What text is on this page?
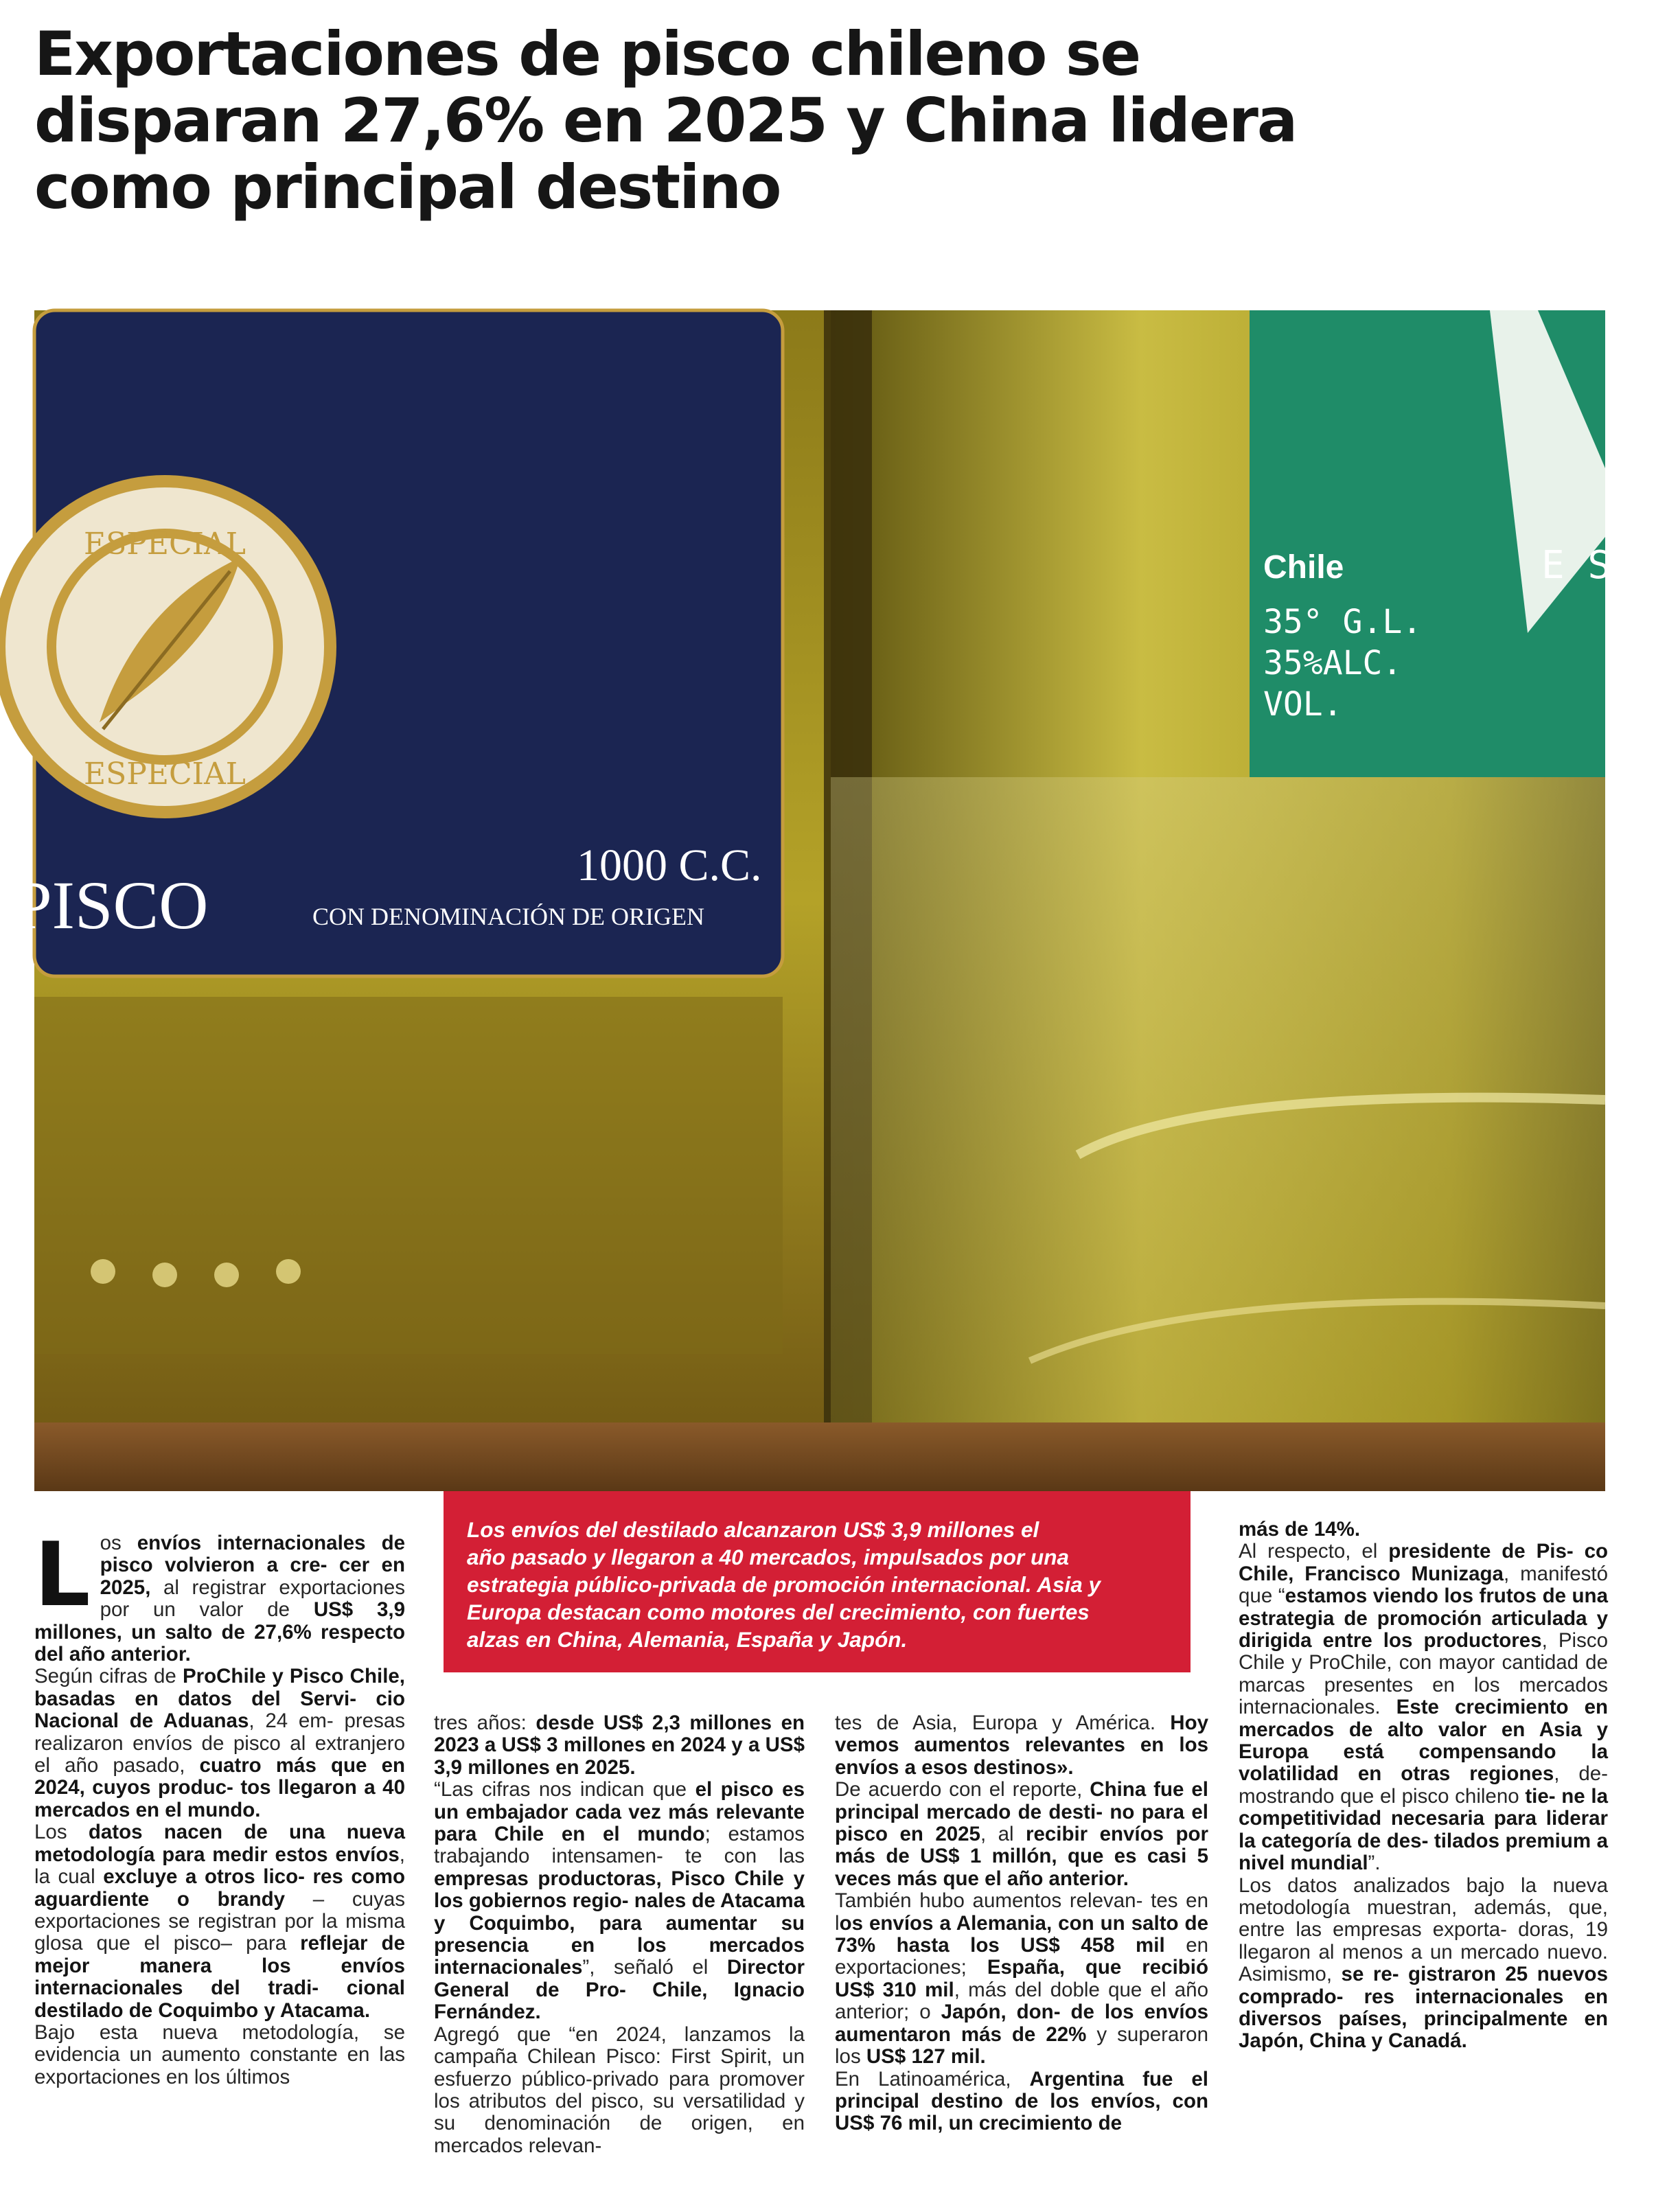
Exportaciones de pisco chileno se
disparan 27,6% en 2025 y China lidera
como principal destino
ESPECIAL
ESPECIAL
PISCO
1000 C.C.
CON DENOMINACIÓN DE ORIGEN
Chile
35° G.L.
35%ALC.
VOL.
E S
Los envíos del destilado alcanzaron US$ 3,9 millones el
año pasado y llegaron a 40 mercados, impulsados por una
estrategia público-privada de promoción internacional. Asia y
Europa destacan como motores del crecimiento, con fuertes
alzas en China, Alemania, España y Japón.
L os envíos internacionales de pisco volvieron a cre- cer en 2025, al registrar exportaciones por un valor de US$ 3,9 millones, un salto de 27,6% respecto del año anterior.

Según cifras de ProChile y Pisco Chile, basadas en datos del Servi- cio Nacional de Aduanas, 24 em- presas realizaron envíos de pisco al extranjero el año pasado, cuatro más que en 2024, cuyos produc- tos llegaron a 40 mercados en el mundo.

Los datos nacen de una nueva metodología para medir estos envíos, la cual excluye a otros lico- res como aguardiente o brandy – cuyas exportaciones se registran por la misma glosa que el pisco– para reflejar de mejor manera los envíos internacionales del tradi- cional destilado de Coquimbo y Atacama.

Bajo esta nueva metodología, se evidencia un aumento constante en las exportaciones en los últimos

tres años: desde US$ 2,3 millones en 2023 a US$ 3 millones en 2024 y a US$ 3,9 millones en 2025.

“Las cifras nos indican que el pisco es un embajador cada vez más relevante para Chile en el mundo; estamos trabajando intensamen- te con las empresas productoras, Pisco Chile y los gobiernos regio- nales de Atacama y Coquimbo, para aumentar su presencia en los mercados internacionales”, señaló el Director General de Pro- Chile, Ignacio Fernández.

Agregó que “en 2024, lanzamos la campaña Chilean Pisco: First Spirit, un esfuerzo público-privado para promover los atributos del pisco, su versatilidad y su denominación de origen, en mercados relevan-

tes de Asia, Europa y América. Hoy vemos aumentos relevantes en los envíos a esos destinos».

De acuerdo con el reporte, China fue el principal mercado de desti- no para el pisco en 2025, al recibir envíos por más de US$ 1 millón, que es casi 5 veces más que el año anterior.

También hubo aumentos relevan- tes en los envíos a Alemania, con un salto de 73% hasta los US$ 458 mil en exportaciones; España, que recibió US$ 310 mil, más del doble que el año anterior; o Japón, don- de los envíos aumentaron más de 22% y superaron los US$ 127 mil.

En Latinoamérica, Argentina fue el principal destino de los envíos, con US$ 76 mil, un crecimiento de

más de 14%.

Al respecto, el presidente de Pis- co Chile, Francisco Munizaga, manifestó que “estamos viendo los frutos de una estrategia de promoción articulada y dirigida entre los productores, Pisco Chile y ProChile, con mayor cantidad de marcas presentes en los mercados internacionales. Este crecimiento en mercados de alto valor en Asia y Europa está compensando la volatilidad en otras regiones, de- mostrando que el pisco chileno tie- ne la competitividad necesaria para liderar la categoría de des- tilados premium a nivel mundial”.

Los datos analizados bajo la nueva metodología muestran, además, que, entre las empresas exporta- doras, 19 llegaron al menos a un mercado nuevo. Asimismo, se re- gistraron 25 nuevos comprado- res internacionales en diversos países, principalmente en Japón, China y Canadá.
